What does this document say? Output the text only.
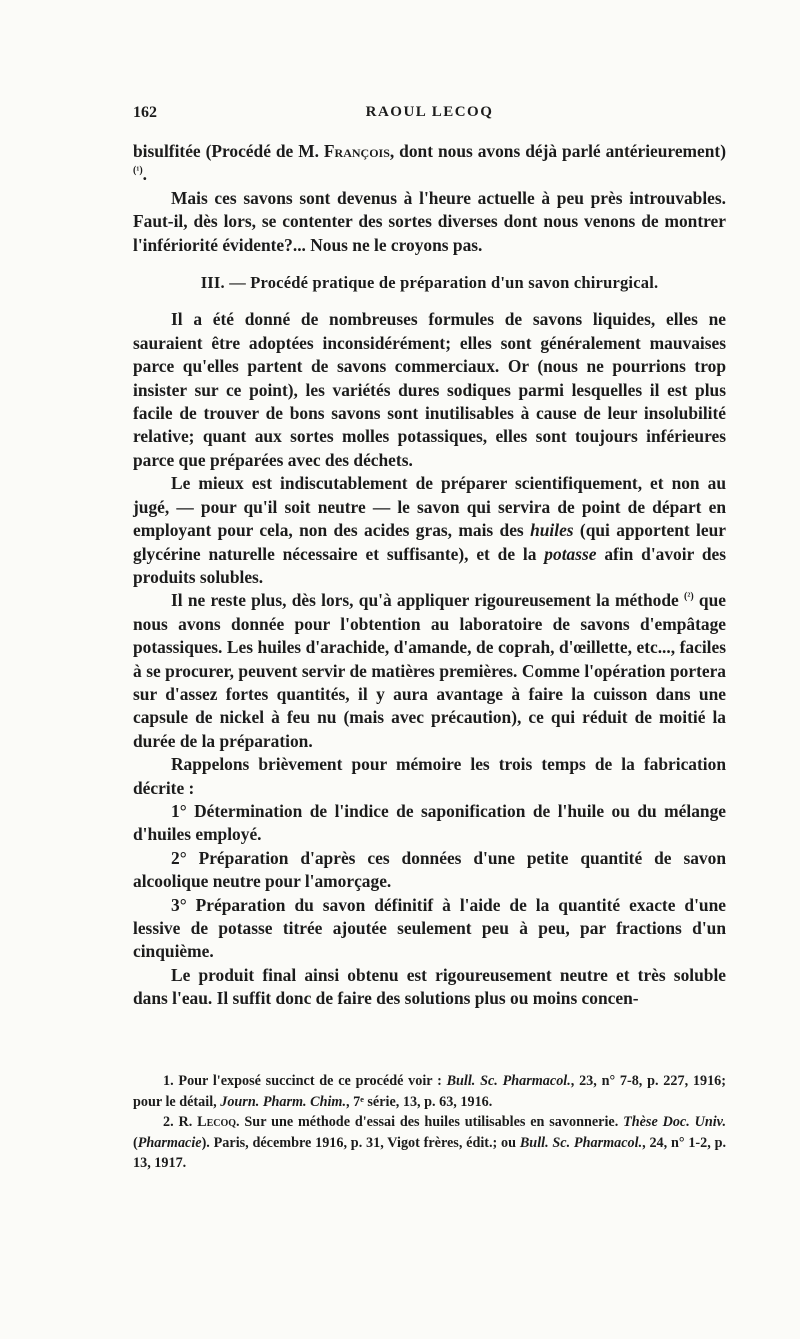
162	RAOUL LECOQ

bisulfitée (Procédé de M. François, dont nous avons déjà parlé antérieurement)$^{(^1)}$.

Mais ces savons sont devenus à l'heure actuelle à peu près introuvables. Faut-il, dès lors, se contenter des sortes diverses dont nous venons de montrer l'infériorité évidente?... Nous ne le croyons pas.

III. — Procédé pratique de préparation d'un savon chirurgical.

Il a été donné de nombreuses formules de savons liquides, elles ne sauraient être adoptées inconsidérément; elles sont généralement mauvaises parce qu'elles partent de savons commerciaux. Or (nous ne pourrions trop insister sur ce point), les variétés dures sodiques parmi lesquelles il est plus facile de trouver de bons savons sont inutilisables à cause de leur insolubilité relative; quant aux sortes molles potassiques, elles sont toujours inférieures parce que préparées avec des déchets.

Le mieux est indiscutablement de préparer scientifiquement, et non au jugé, — pour qu'il soit neutre — le savon qui servira de point de départ en employant pour cela, non des acides gras, mais des huiles (qui apportent leur glycérine naturelle nécessaire et suffisante), et de la potasse afin d'avoir des produits solubles.

Il ne reste plus, dès lors, qu'à appliquer rigoureusement la méthode $^{(^2)}$ que nous avons donnée pour l'obtention au laboratoire de savons d'empâtage potassiques. Les huiles d'arachide, d'amande, de coprah, d'œillette, etc..., faciles à se procurer, peuvent servir de matières premières. Comme l'opération portera sur d'assez fortes quantités, il y aura avantage à faire la cuisson dans une capsule de nickel à feu nu (mais avec précaution), ce qui réduit de moitié la durée de la préparation.

Rappelons brièvement pour mémoire les trois temps de la fabrication décrite :

1° Détermination de l'indice de saponification de l'huile ou du mélange d'huiles employé.

2° Préparation d'après ces données d'une petite quantité de savon alcoolique neutre pour l'amorçage.

3° Préparation du savon définitif à l'aide de la quantité exacte d'une lessive de potasse titrée ajoutée seulement peu à peu, par fractions d'un cinquième.

Le produit final ainsi obtenu est rigoureusement neutre et très soluble dans l'eau. Il suffit donc de faire des solutions plus ou moins concen-

1. Pour l'exposé succinct de ce procédé voir : Bull. Sc. Pharmacol., 23, n° 7-8, p. 227, 1916; pour le détail, Journ. Pharm. Chim., 7ᵉ série, 13, p. 63, 1916.

2. R. Lecoq. Sur une méthode d'essai des huiles utilisables en savonnerie. Thèse Doc. Univ. (Pharmacie). Paris, décembre 1916, p. 31, Vigot frères, édit.; ou Bull. Sc. Pharmacol., 24, n° 1-2, p. 13, 1917.
